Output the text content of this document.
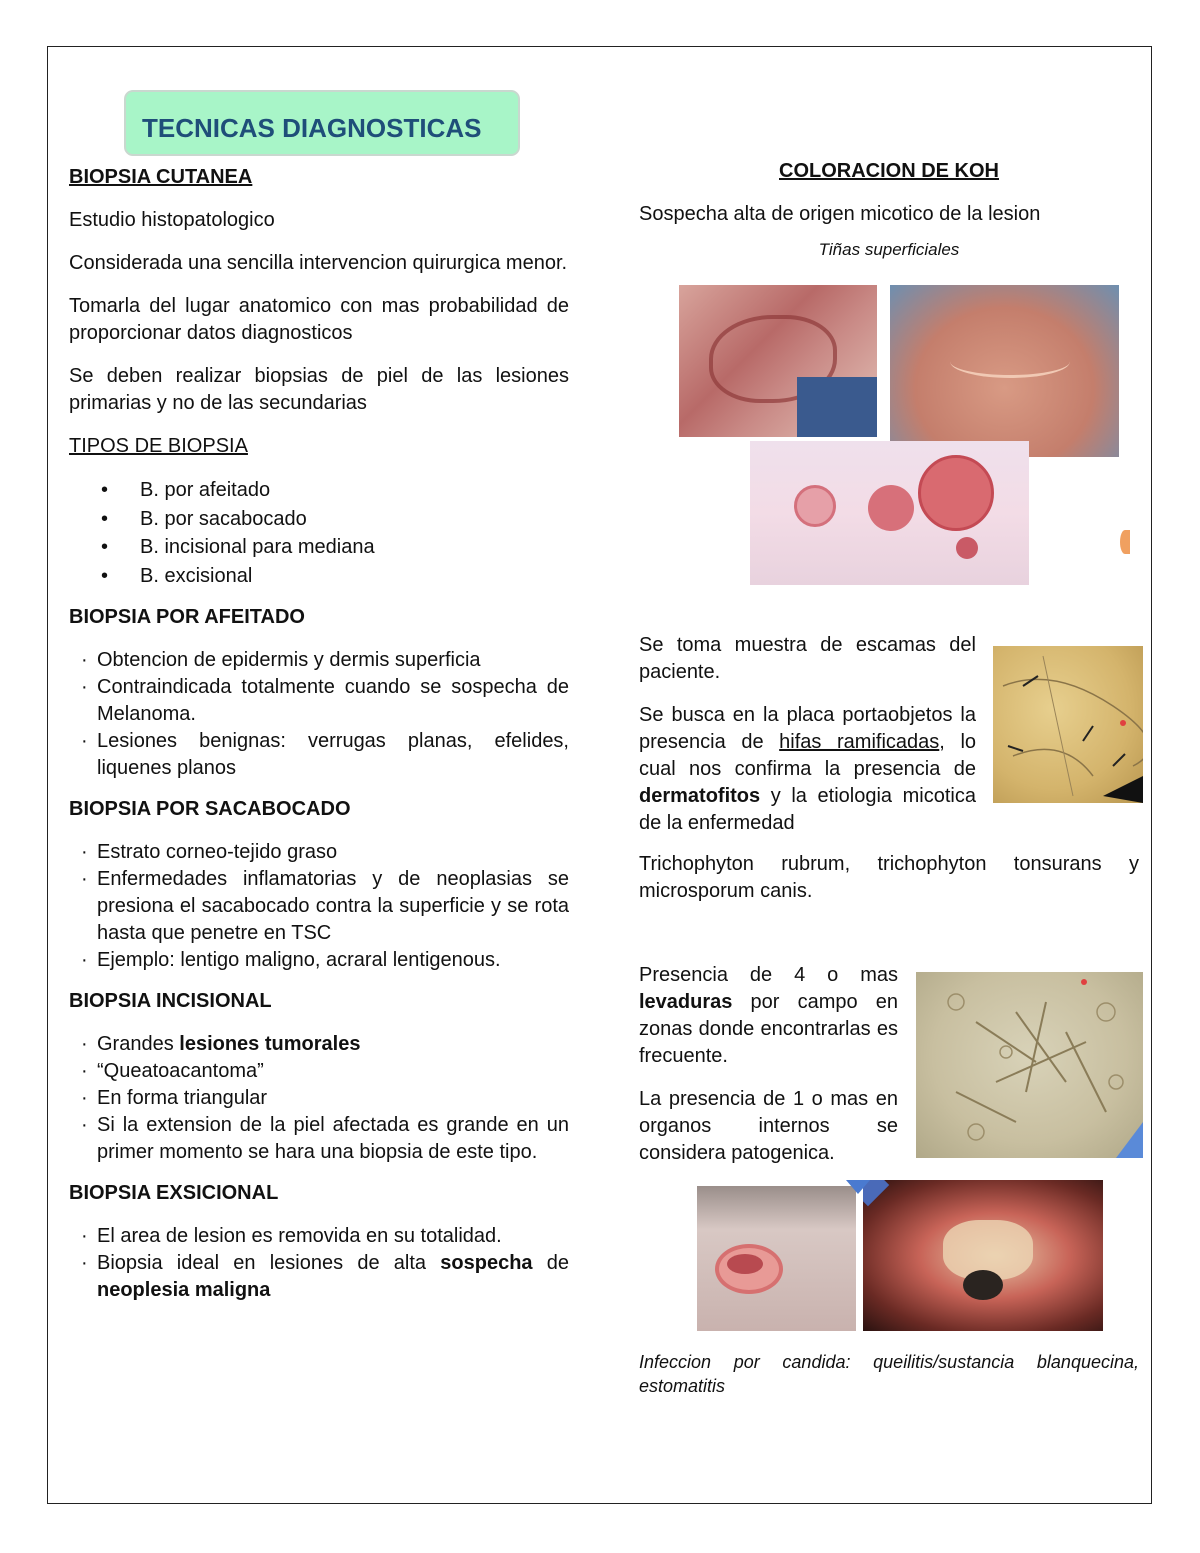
TECNICAS DIAGNOSTICAS
BIOPSIA CUTANEA

Estudio histopatologico

Considerada una sencilla intervencion quirurgica menor.

Tomarla del lugar anatomico con mas probabilidad de proporcionar datos diagnosticos

Se deben realizar biopsias de piel de las lesiones primarias y no de las secundarias

TIPOS DE BIOPSIA
• B. por afeitado
• B. por sacabocado
• B. incisional para mediana
• B. excisional
BIOPSIA POR AFEITADO
· Obtencion de epidermis y dermis superficia
· Contraindicada totalmente cuando se sospecha de Melanoma.
· Lesiones benignas: verrugas planas, efelides, liquenes planos
BIOPSIA POR SACABOCADO
· Estrato corneo-tejido graso
· Enfermedades inflamatorias y de neoplasias se presiona el sacabocado contra la superficie y se rota hasta que penetre en TSC
· Ejemplo: lentigo maligno, acraral lentigenous.
BIOPSIA INCISIONAL
· Grandes lesiones tumorales
· “Queatoacantoma”
· En forma triangular
· Si la extension de la piel afectada es grande en un primer momento se hara una biopsia de este tipo.
BIOPSIA EXSICIONAL
· El area de lesion es removida en su totalidad.
· Biopsia ideal en lesiones de alta sospecha de neoplesia maligna
COLORACION DE KOH

Sospecha alta de origen micotico de la lesion

Tiñas superficiales

Se toma muestra de escamas del paciente.

Se busca en la placa portaobjetos la presencia de hifas ramificadas, lo cual nos confirma la presencia de dermatofitos y la etiologia micotica de la enfermedad

Trichophyton rubrum, trichophyton tonsurans y microsporum canis.

Presencia de 4 o mas levaduras por campo en zonas donde encontrarlas es frecuente.

La presencia de 1 o mas en organos internos se considera patogenica.

Infeccion por candida: queilitis/sustancia blanquecina, estomatitis
